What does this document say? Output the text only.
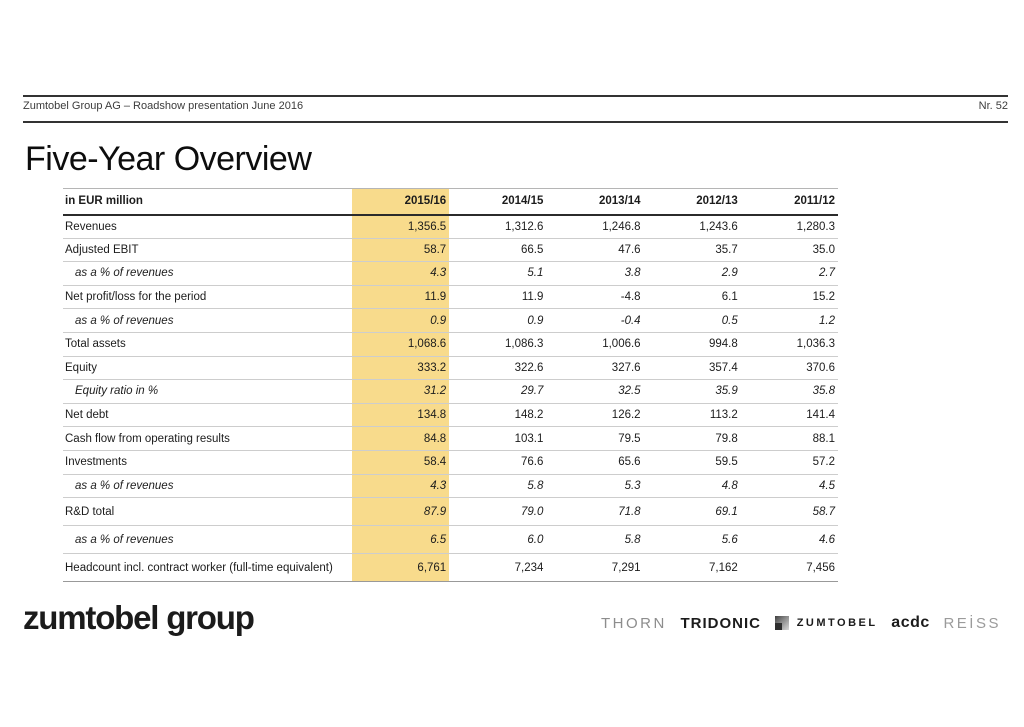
Zumtobel Group AG – Roadshow presentation June 2016	Nr. 52
Five-Year Overview
in EUR million	2015/16	2014/15	2013/14	2012/13	2011/12
Revenues	1,356.5	1,312.6	1,246.8	1,243.6	1,280.3
Adjusted EBIT	58.7	66.5	47.6	35.7	35.0
as a % of revenues	4.3	5.1	3.8	2.9	2.7
Net profit/loss for the period	11.9	11.9	-4.8	6.1	15.2
as a % of revenues	0.9	0.9	-0.4	0.5	1.2
Total assets	1,068.6	1,086.3	1,006.6	994.8	1,036.3
Equity	333.2	322.6	327.6	357.4	370.6
Equity ratio in %	31.2	29.7	32.5	35.9	35.8
Net debt	134.8	148.2	126.2	113.2	141.4
Cash flow from operating results	84.8	103.1	79.5	79.8	88.1
Investments	58.4	76.6	65.6	59.5	57.2
as a % of revenues	4.3	5.8	5.3	4.8	4.5
R&D total	87.9	79.0	71.8	69.1	58.7
as a % of revenues	6.5	6.0	5.8	5.6	4.6
Headcount incl. contract worker (full-time equivalent)	6,761	7,234	7,291	7,162	7,456
zumtobel group	THORN TRIDONIC	ZUMTOBEL acdc REİSS
